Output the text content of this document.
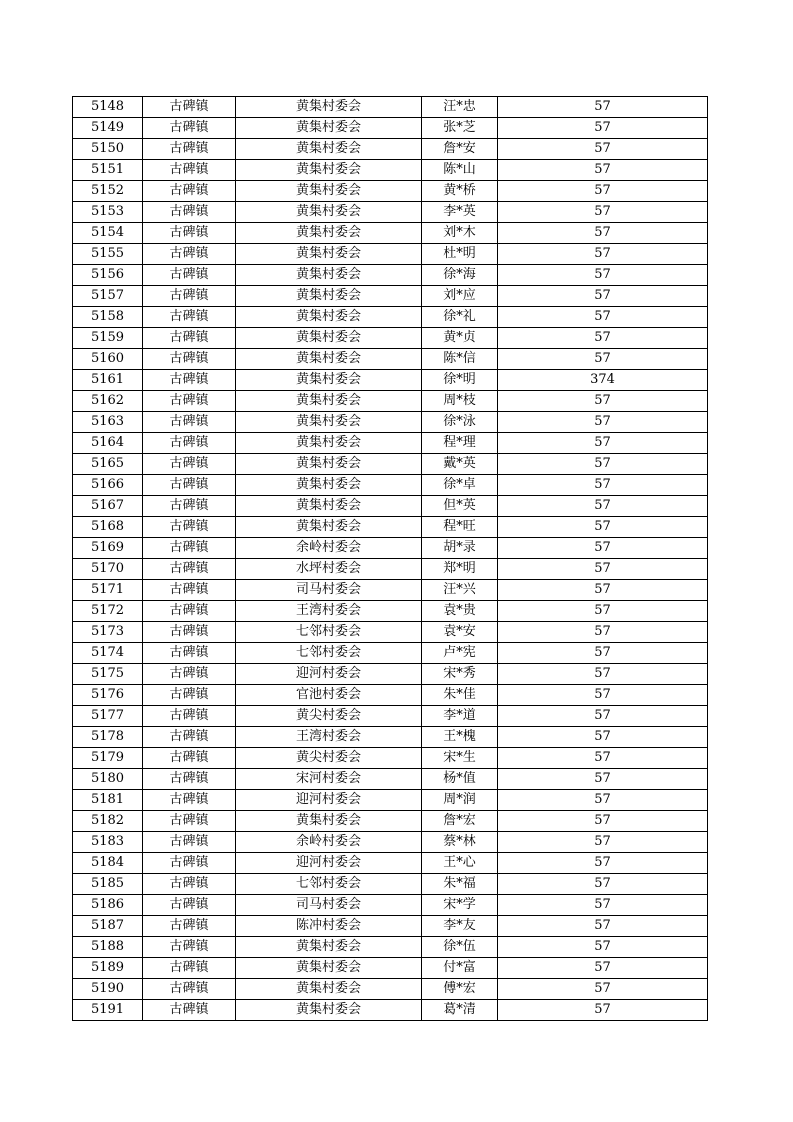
5148	古碑镇	黄集村委会	汪*忠	57
5149	古碑镇	黄集村委会	张*芝	57
5150	古碑镇	黄集村委会	詹*安	57
5151	古碑镇	黄集村委会	陈*山	57
5152	古碑镇	黄集村委会	黄*桥	57
5153	古碑镇	黄集村委会	李*英	57
5154	古碑镇	黄集村委会	刘*木	57
5155	古碑镇	黄集村委会	杜*明	57
5156	古碑镇	黄集村委会	徐*海	57
5157	古碑镇	黄集村委会	刘*应	57
5158	古碑镇	黄集村委会	徐*礼	57
5159	古碑镇	黄集村委会	黄*贞	57
5160	古碑镇	黄集村委会	陈*信	57
5161	古碑镇	黄集村委会	徐*明	374
5162	古碑镇	黄集村委会	周*枝	57
5163	古碑镇	黄集村委会	徐*泳	57
5164	古碑镇	黄集村委会	程*理	57
5165	古碑镇	黄集村委会	戴*英	57
5166	古碑镇	黄集村委会	徐*卓	57
5167	古碑镇	黄集村委会	但*英	57
5168	古碑镇	黄集村委会	程*旺	57
5169	古碑镇	余岭村委会	胡*录	57
5170	古碑镇	水坪村委会	郑*明	57
5171	古碑镇	司马村委会	汪*兴	57
5172	古碑镇	王湾村委会	袁*贵	57
5173	古碑镇	七邻村委会	袁*安	57
5174	古碑镇	七邻村委会	卢*宪	57
5175	古碑镇	迎河村委会	宋*秀	57
5176	古碑镇	官池村委会	朱*佳	57
5177	古碑镇	黄尖村委会	李*道	57
5178	古碑镇	王湾村委会	王*槐	57
5179	古碑镇	黄尖村委会	宋*生	57
5180	古碑镇	宋河村委会	杨*值	57
5181	古碑镇	迎河村委会	周*润	57
5182	古碑镇	黄集村委会	詹*宏	57
5183	古碑镇	余岭村委会	蔡*林	57
5184	古碑镇	迎河村委会	王*心	57
5185	古碑镇	七邻村委会	朱*福	57
5186	古碑镇	司马村委会	宋*学	57
5187	古碑镇	陈冲村委会	李*友	57
5188	古碑镇	黄集村委会	徐*伍	57
5189	古碑镇	黄集村委会	付*富	57
5190	古碑镇	黄集村委会	傅*宏	57
5191	古碑镇	黄集村委会	葛*清	57
